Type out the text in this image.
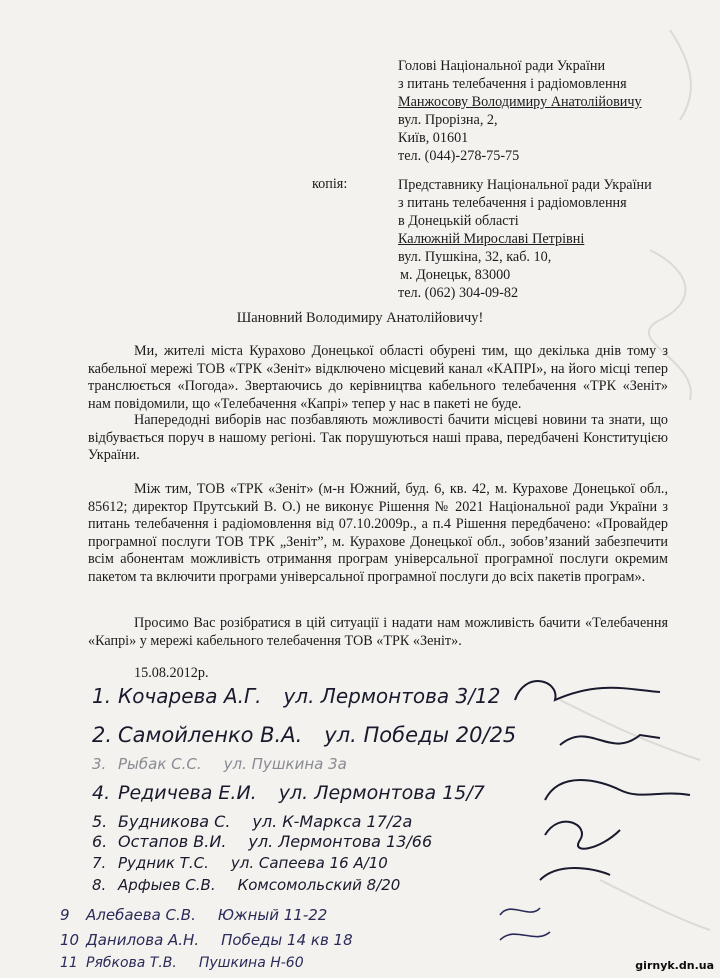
Голові Національної ради України
з питань телебачення і радіомовлення
Манжосову Володимиру Анатолійовичу
вул. Прорізна, 2,
Київ, 01601
тел. (044)-278-75-75
копія:	Представнику Національної ради України
з питань телебачення і радіомовлення
в Донецькій області
Калюжній Мирославі Петрівні
вул. Пушкіна, 32, каб. 10,
м. Донецьк, 83000
тел. (062) 304-09-82
Шановний Володимиру Анатолійовичу!

Ми, жителі міста Курахово Донецької області обурені тим, що декілька днів тому з кабельної мережі ТОВ «ТРК «Зеніт» відключено місцевий канал «КАПРІ», на його місці тепер транслюється «Погода». Звертаючись до керівництва кабельного телебачення «ТРК «Зеніт» нам повідомили, що «Телебачення «Капрі» тепер у нас в пакеті не буде.

Напередодні виборів нас позбавляють можливості бачити місцеві новини та знати, що відбувається поруч в нашому регіоні. Так порушуються наші права, передбачені Конституцією України.

Між тим, ТОВ «ТРК «Зеніт» (м-н Южний, буд. 6, кв. 42, м. Курахове Донецької обл., 85612; директор Прутський В. О.) не виконує Рішення № 2021 Національної ради України з питань телебачення і радіомовлення від 07.10.2009р., а п.4 Рішення передбачено: «Провайдер програмної послуги ТОВ ТРК „Зеніт”, м. Курахове Донецької обл., зобов’язаний забезпечити всім абонентам можливість отримання програм універсальної програмної послуги окремим пакетом та включити програми універсальної програмної послуги до всіх пакетів програм».

Просимо Вас розібратися в цій ситуації і надати нам можливість бачити «Телебачення «Капрі» у мережі кабельного телебачення ТОВ «ТРК «Зеніт».

15.08.2012р.
1. Кочарева А.Г. ул. Лермонтова 3/12
2. Самойленко В.А. ул. Победы 20/25
3. Рыбак С.С. ул. Пушкина 3а
4. Редичева Е.И. ул. Лермонтова 15/7
5. Будникова С. ул. К-Маркса 17/2а
6. Остапов В.И. ул. Лермонтова 13/66
7. Рудник Т.С. ул. Сапеева 16 А/10
8. Арфыев С.В. Комсомольский 8/20
9 Алебаева С.В. Южный 11-22
10 Данилова А.Н. Победы 14 кв 18
11 Рябкова Т.В. Пушкина Н-60	girnyk.dn.ua
